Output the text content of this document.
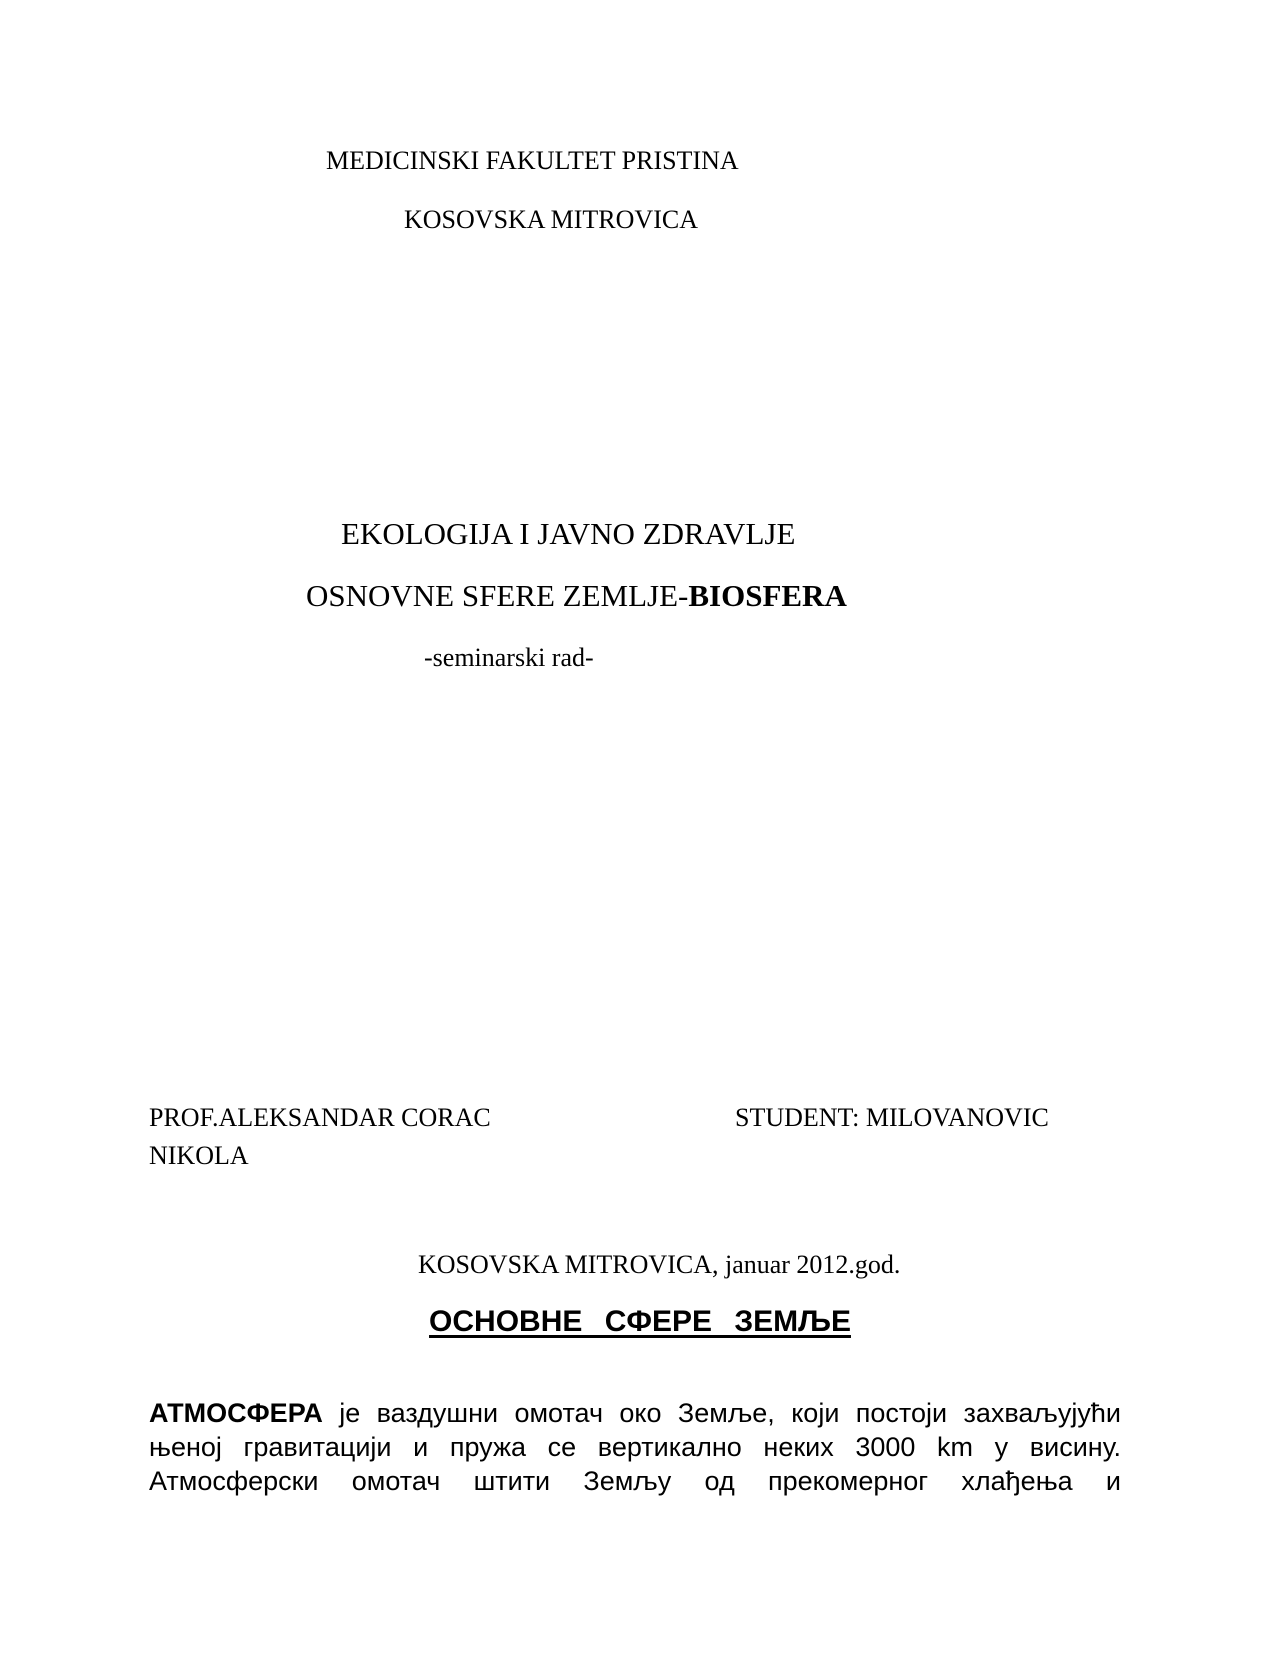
MEDICINSKI FAKULTET PRISTINA
KOSOVSKA MITROVICA
EKOLOGIJA I JAVNO ZDRAVLJE
OSNOVNE SFERE ZEMLJE-BIOSFERA
-seminarski rad-
PROF.ALEKSANDAR CORAC	STUDENT: MILOVANOVIC
NIKOLA
KOSOVSKA MITROVICA, januar 2012.god.
ОСНОВНЕ СФЕРЕ ЗЕМЉЕ
АТМОСФЕРА је ваздушни омотач око Земље, који постоји захваљујући
њеној гравитацији и пружа се вертикално неких 3000 km у висину.
Атмосферски омотач штити Земљу од прекомерног хлађења и
